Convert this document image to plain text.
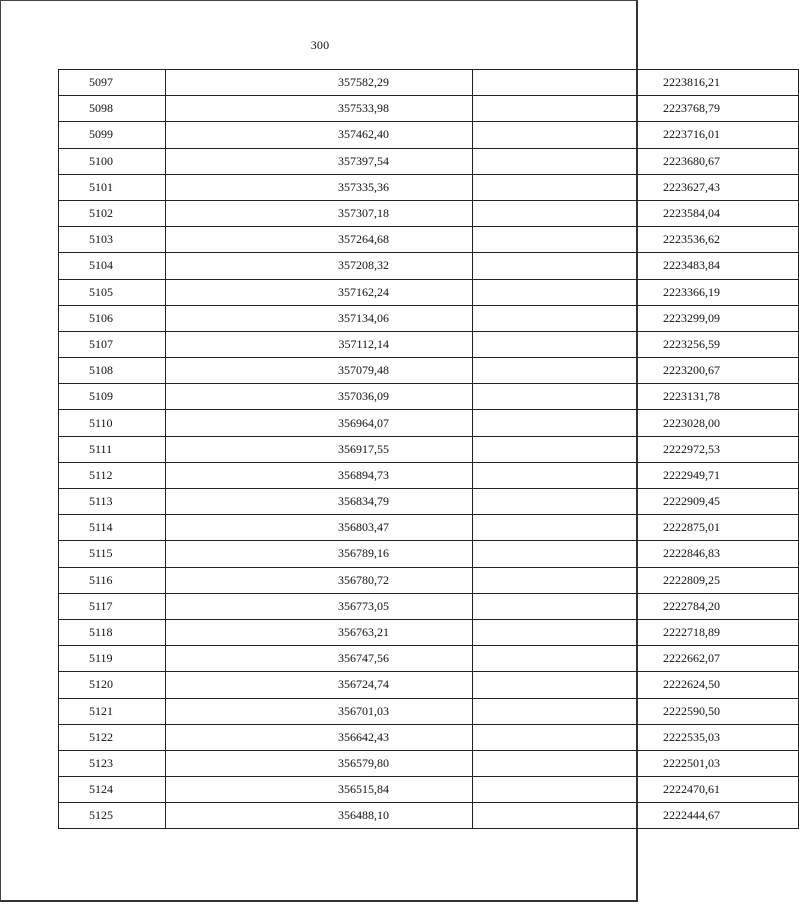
300
5097	357582,29	2223816,21
5098	357533,98	2223768,79
5099	357462,40	2223716,01
5100	357397,54	2223680,67
5101	357335,36	2223627,43
5102	357307,18	2223584,04
5103	357264,68	2223536,62
5104	357208,32	2223483,84
5105	357162,24	2223366,19
5106	357134,06	2223299,09
5107	357112,14	2223256,59
5108	357079,48	2223200,67
5109	357036,09	2223131,78
5110	356964,07	2223028,00
5111	356917,55	2222972,53
5112	356894,73	2222949,71
5113	356834,79	2222909,45
5114	356803,47	2222875,01
5115	356789,16	2222846,83
5116	356780,72	2222809,25
5117	356773,05	2222784,20
5118	356763,21	2222718,89
5119	356747,56	2222662,07
5120	356724,74	2222624,50
5121	356701,03	2222590,50
5122	356642,43	2222535,03
5123	356579,80	2222501,03
5124	356515,84	2222470,61
5125	356488,10	2222444,67
